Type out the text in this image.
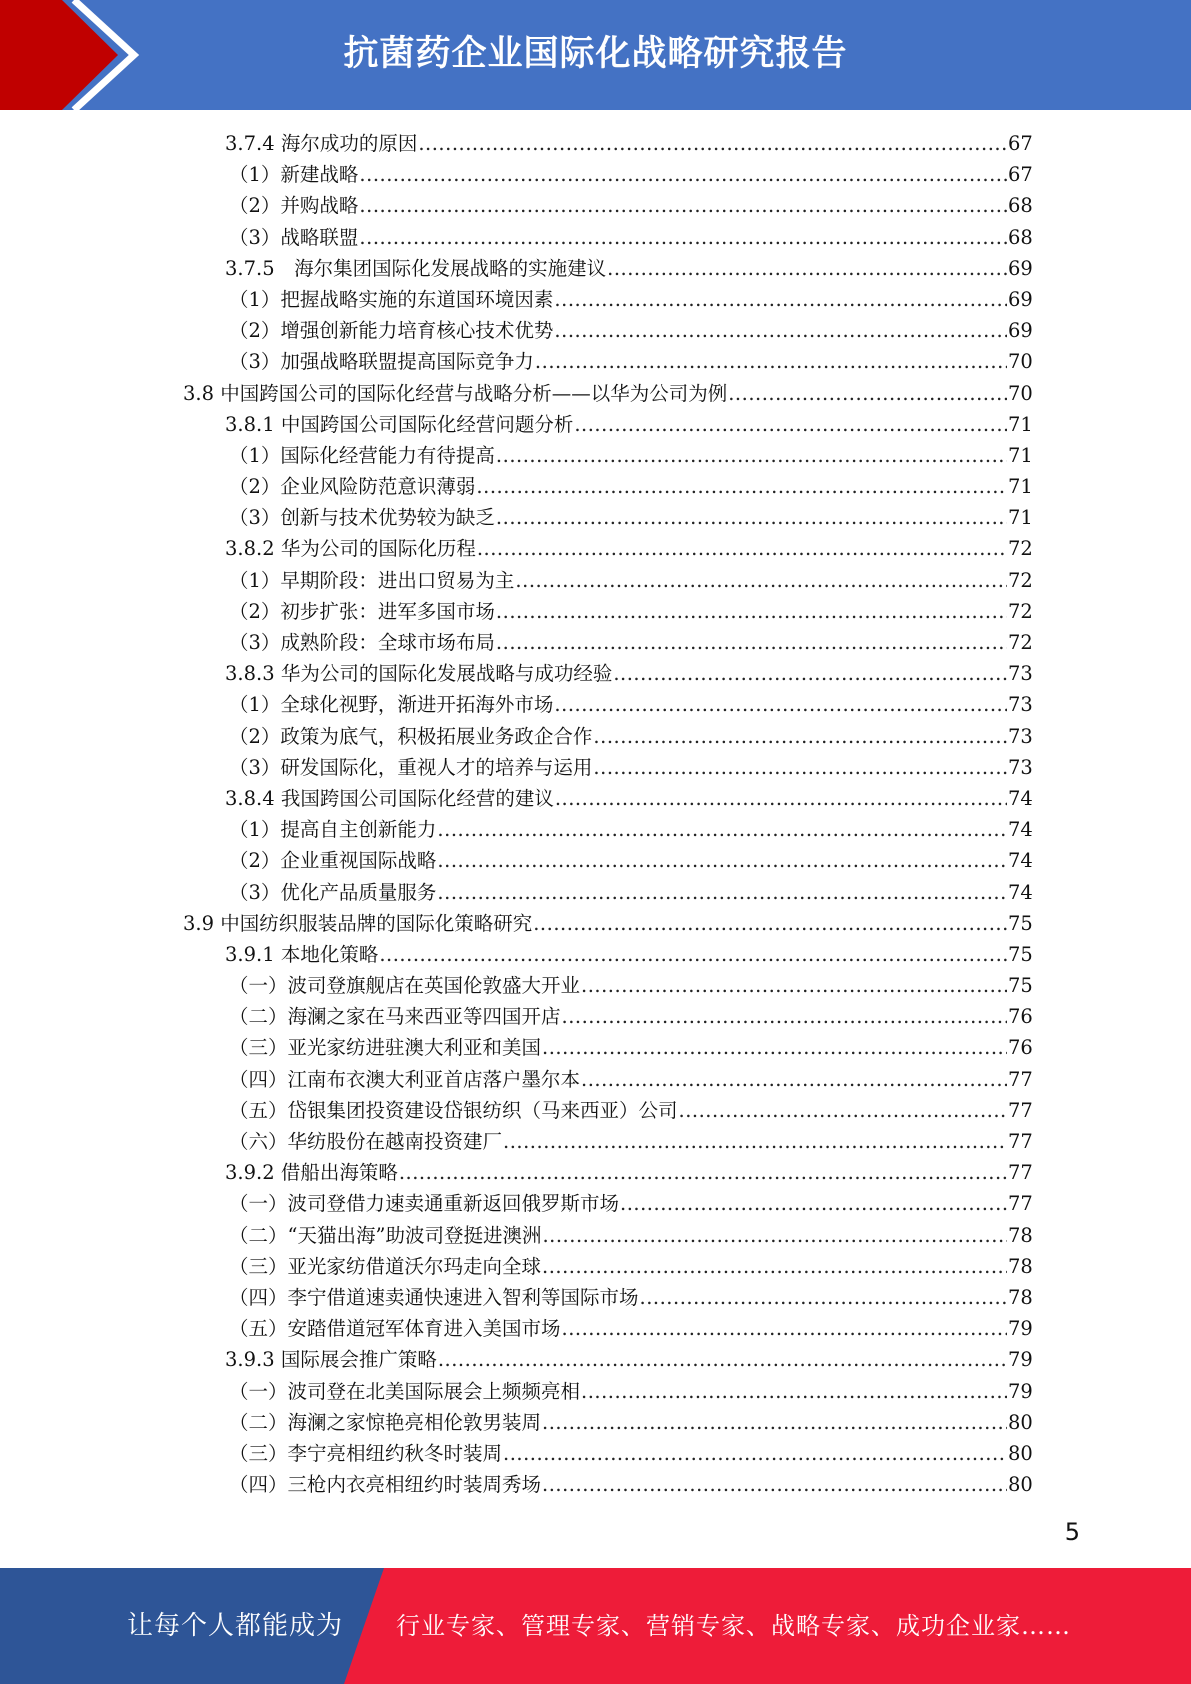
抗菌药企业国际化战略研究报告
3.7.4 海尔成功的原因 .....	67
（1）新建战略 .....	67
（2）并购战略 .....	68
（3）战略联盟 .....	68
3.7.5　海尔集团国际化发展战略的实施建议 .....	69
（1）把握战略实施的东道国环境因素 .....	69
（2）增强创新能力培育核心技术优势 .....	69
（3）加强战略联盟提高国际竞争力 .....	70
3.8 中国跨国公司的国际化经营与战略分析——以华为公司为例 .....	70
3.8.1 中国跨国公司国际化经营问题分析 .....	71
（1）国际化经营能力有待提高 .....	71
（2）企业风险防范意识薄弱 .....	71
（3）创新与技术优势较为缺乏 .....	71
3.8.2 华为公司的国际化历程 .....	72
（1）早期阶段：进出口贸易为主 .....	72
（2）初步扩张：进军多国市场 .....	72
（3）成熟阶段：全球市场布局 .....	72
3.8.3 华为公司的国际化发展战略与成功经验 .....	73
（1）全球化视野，渐进开拓海外市场 .....	73
（2）政策为底气，积极拓展业务政企合作 .....	73
（3）研发国际化，重视人才的培养与运用 .....	73
3.8.4 我国跨国公司国际化经营的建议 .....	74
（1）提高自主创新能力 .....	74
（2）企业重视国际战略 .....	74
（3）优化产品质量服务 .....	74
3.9 中国纺织服装品牌的国际化策略研究 .....	75
3.9.1 本地化策略 .....	75
（一）波司登旗舰店在英国伦敦盛大开业 .....	75
（二）海澜之家在马来西亚等四国开店 .....	76
（三）亚光家纺进驻澳大利亚和美国 .....	76
（四）江南布衣澳大利亚首店落户墨尔本 .....	77
（五）岱银集团投资建设岱银纺织（马来西亚）公司 .....	77
（六）华纺股份在越南投资建厂 .....	77
3.9.2 借船出海策略 .....	77
（一）波司登借力速卖通重新返回俄罗斯市场 .....	77
（二）“天猫出海”助波司登挺进澳洲 .....	78
（三）亚光家纺借道沃尔玛走向全球 .....	78
（四）李宁借道速卖通快速进入智利等国际市场 .....	78
（五）安踏借道冠军体育进入美国市场 .....	79
3.9.3 国际展会推广策略 .....	79
（一）波司登在北美国际展会上频频亮相 .....	79
（二）海澜之家惊艳亮相伦敦男装周 .....	80
（三）李宁亮相纽约秋冬时装周 .....	80
（四）三枪内衣亮相纽约时装周秀场 .....	80
5
让每个人都能成为	行业专家、管理专家、营销专家、战略专家、成功企业家……
